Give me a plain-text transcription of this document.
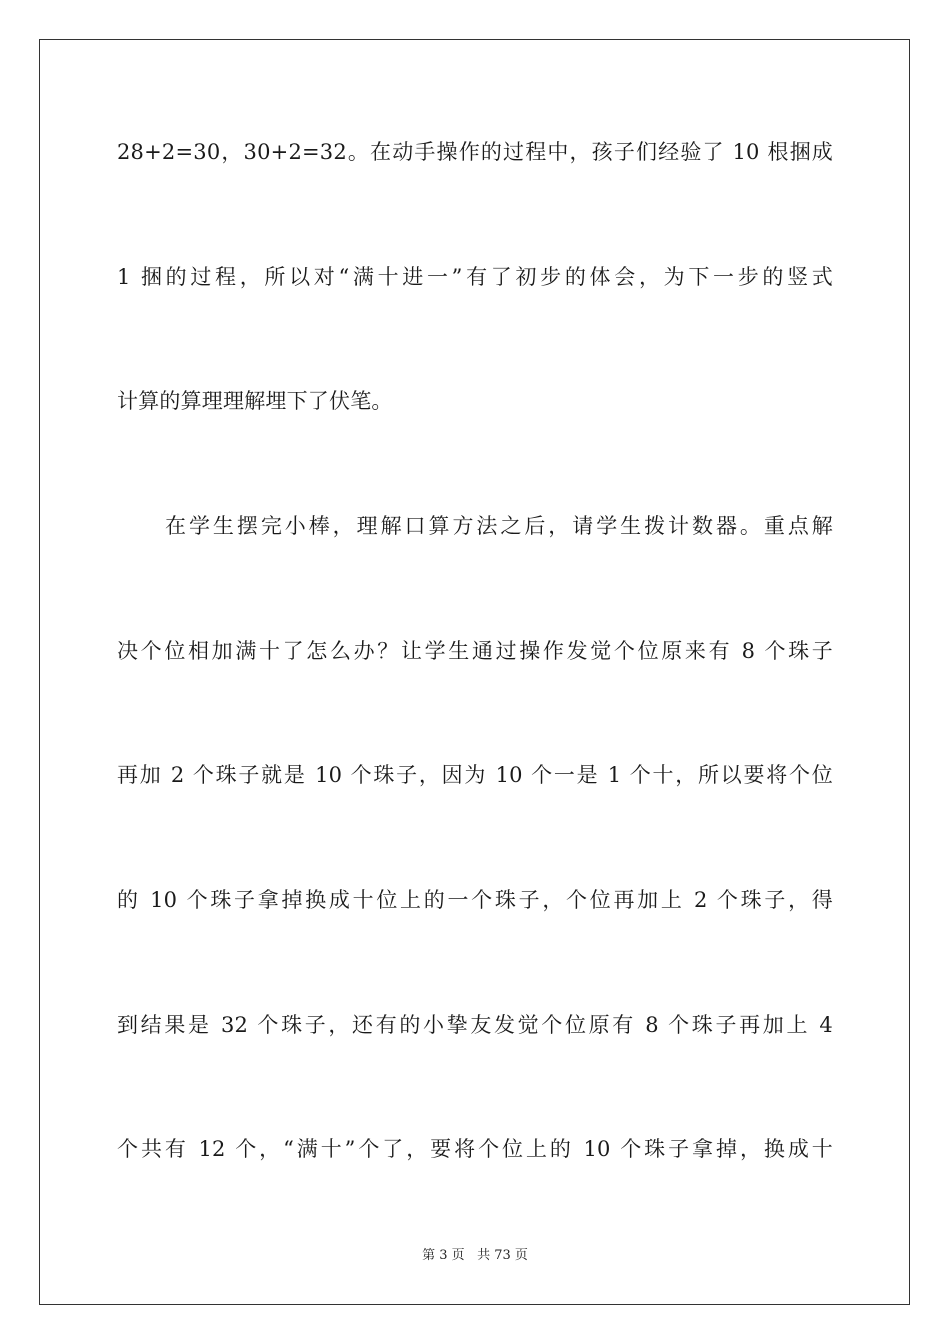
28+2=30，30+2=32。在动手操作的过程中，孩子们经验了 10 根捆成
1 捆的过程，所以对“满十进一”有了初步的体会，为下一步的竖式
计算的算理理解埋下了伏笔。
在学生摆完小棒，理解口算方法之后，请学生拨计数器。重点解
决个位相加满十了怎么办？让学生通过操作发觉个位原来有 8 个珠子
再加 2 个珠子就是 10 个珠子，因为 10 个一是 1 个十，所以要将个位
的 10 个珠子拿掉换成十位上的一个珠子，个位再加上 2 个珠子，得
到结果是 32 个珠子，还有的小挚友发觉个位原有 8 个珠子再加上 4
个共有 12 个，“满十”个了，要将个位上的 10 个珠子拿掉，换成十
第 3 页 共 73 页
